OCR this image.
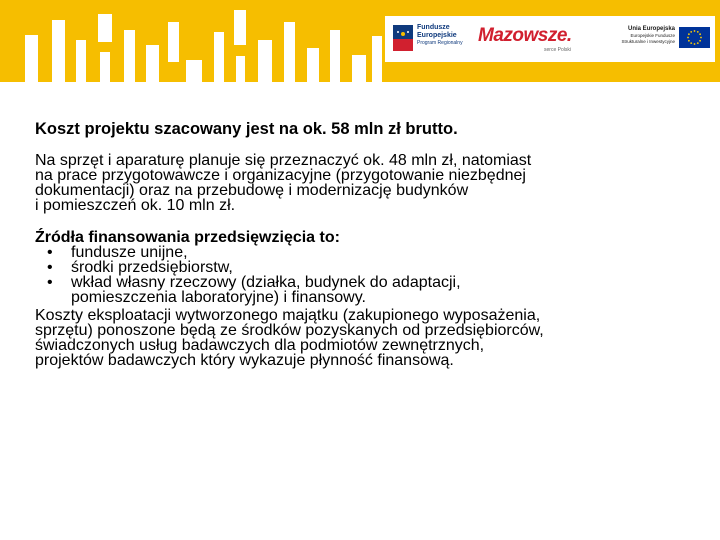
Fundusze
Europejskie
Program Regionalny Mazowsze.
serce Polski
Unia Europejska
Europejskie Fundusze
Strukturalne i Inwestycyjne

Koszt projektu szacowany jest na ok. 58 mln zł brutto.

Na sprzęt i aparaturę planuje się przeznaczyć ok. 48 mln zł, natomiast
na prace przygotowawcze i organizacyjne (przygotowanie niezbędnej
dokumentacji) oraz na przebudowę i modernizację budynków
i pomieszczeń ok. 10 mln zł.

Źródła finansowania przedsięwzięcia to:

• fundusze unijne,
• środki przedsiębiorstw,
• wkład własny rzeczowy (działka, budynek do adaptacji,
pomieszczenia laboratoryjne) i finansowy.

Koszty eksploatacji wytworzonego majątku (zakupionego wyposażenia,
sprzętu) ponoszone będą ze środków pozyskanych od przedsiębiorców,
świadczonych usług badawczych dla podmiotów zewnętrznych,
projektów badawczych który wykazuje płynność finansową.
